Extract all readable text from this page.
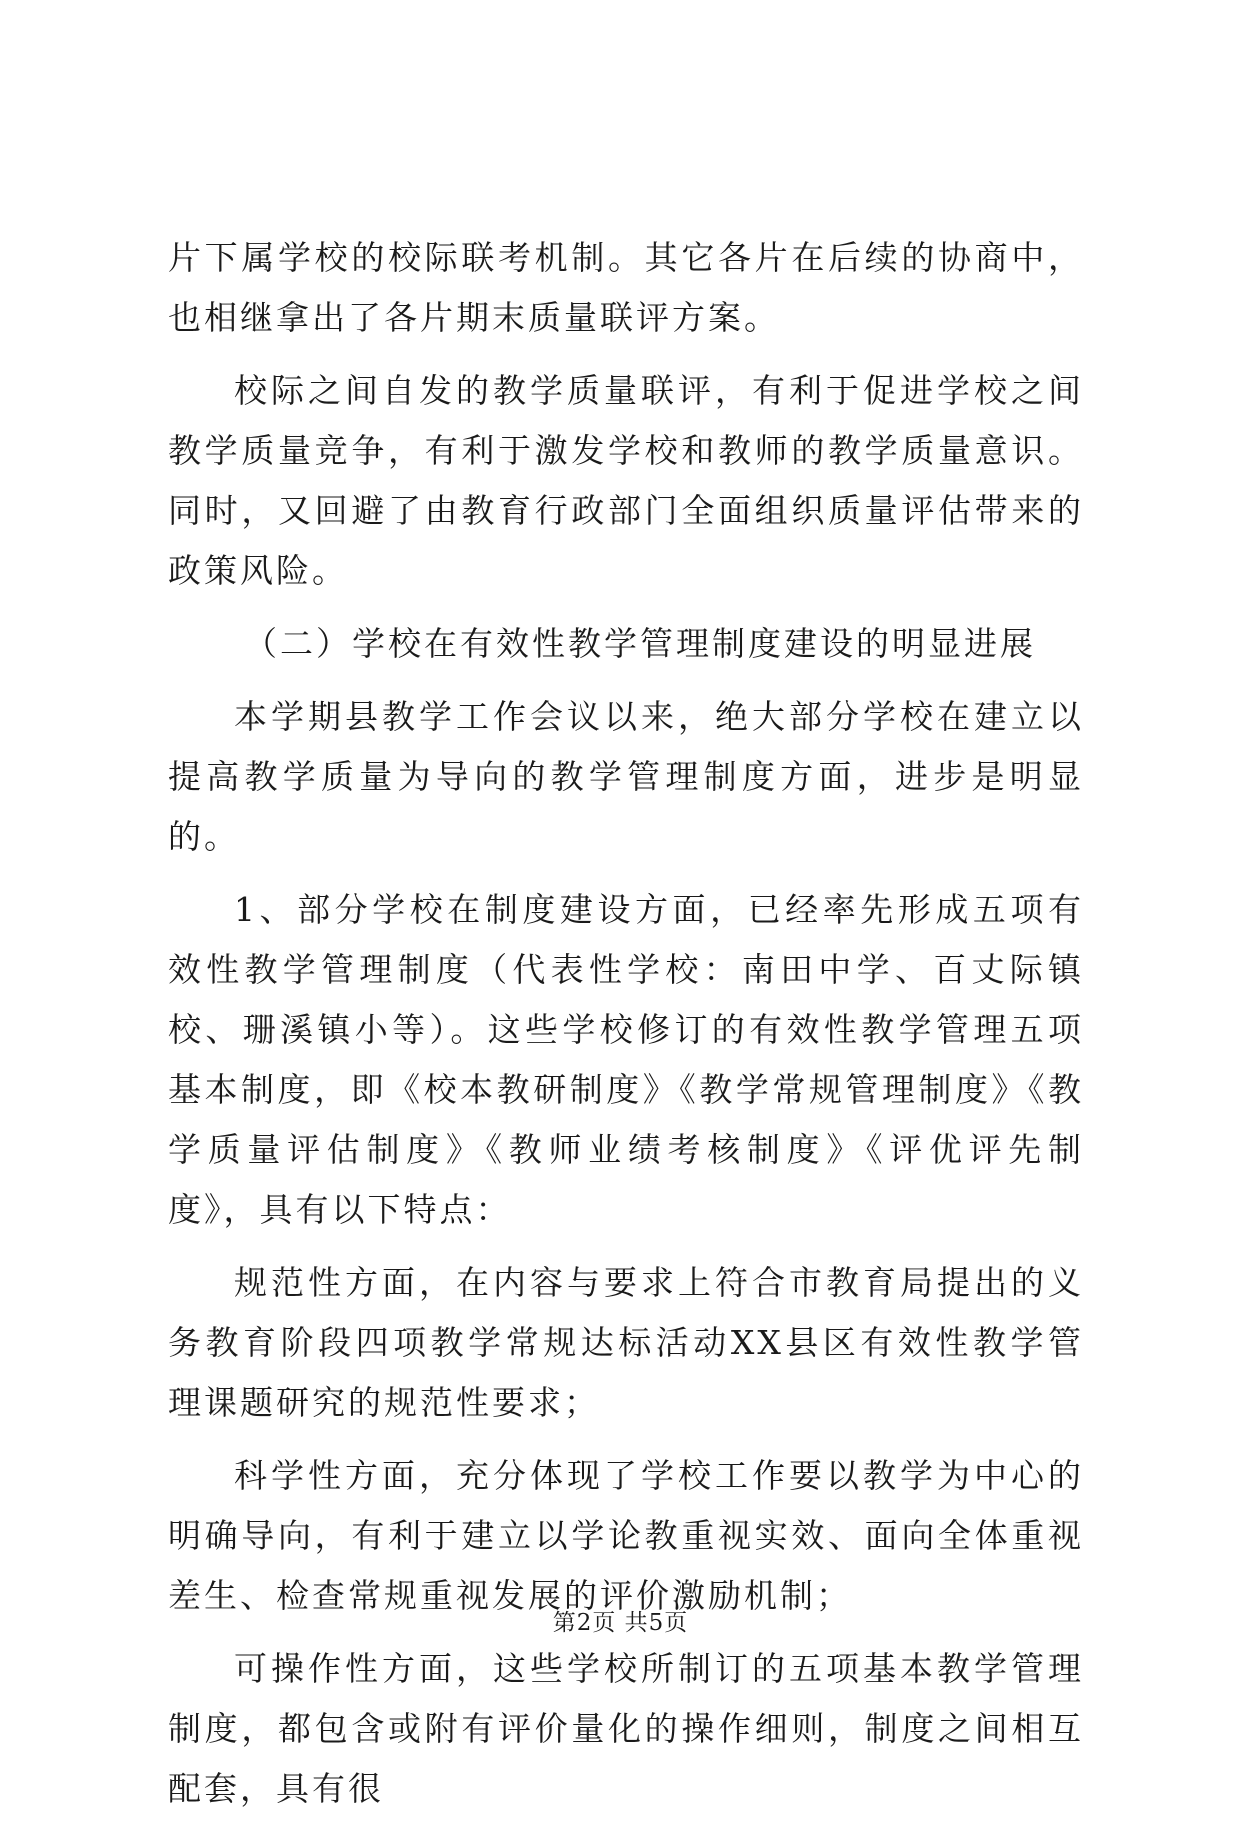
片下属学校的校际联考机制。其它各片在后续的协商中，也相继拿出了各片期末质量联评方案。

校际之间自发的教学质量联评，有利于促进学校之间教学质量竞争，有利于激发学校和教师的教学质量意识。同时，又回避了由教育行政部门全面组织质量评估带来的政策风险。

（二）学校在有效性教学管理制度建设的明显进展

本学期县教学工作会议以来，绝大部分学校在建立以提高教学质量为导向的教学管理制度方面，进步是明显的。

1、部分学校在制度建设方面，已经率先形成五项有效性教学管理制度（代表性学校：南田中学、百丈际镇校、珊溪镇小等）。这些学校修订的有效性教学管理五项基本制度，即《校本教研制度》《教学常规管理制度》《教学质量评估制度》《教师业绩考核制度》《评优评先制度》，具有以下特点：

规范性方面，在内容与要求上符合市教育局提出的义务教育阶段四项教学常规达标活动XX县区有效性教学管理课题研究的规范性要求；

科学性方面，充分体现了学校工作要以教学为中心的明确导向，有利于建立以学论教重视实效、面向全体重视差生、检查常规重视发展的评价激励机制；

可操作性方面，这些学校所制订的五项基本教学管理制度，都包含或附有评价量化的操作细则，制度之间相互配套，具有很

第2页 共5页
